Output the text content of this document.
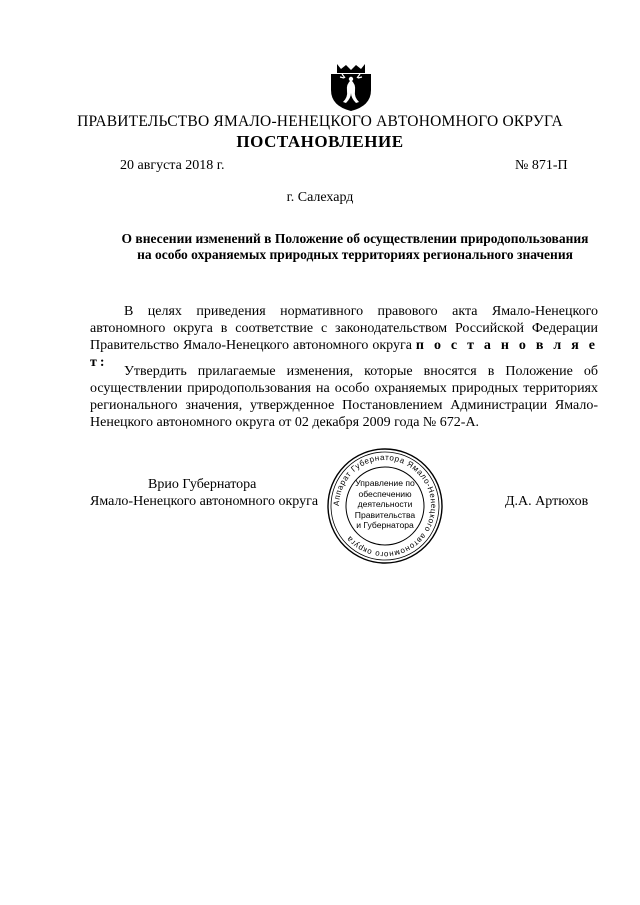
ПРАВИТЕЛЬСТВО ЯМАЛО-НЕНЕЦКОГО АВТОНОМНОГО ОКРУГА
ПОСТАНОВЛЕНИЕ
20 августа 2018 г.	№ 871-П
г. Салехард
О внесении изменений в Положение об осуществлении природопользования на особо охраняемых природных территориях регионального значения
В целях приведения нормативного правового акта Ямало-Ненецкого автономного округа в соответствие с законодательством Российской Федерации Правительство Ямало-Ненецкого автономного округа п о с т а н о в л я е т:
Утвердить прилагаемые изменения, которые вносятся в Положение об осуществлении природопользования на особо охраняемых природных территориях регионального значения, утвержденное Постановлением Администрации Ямало-Ненецкого автономного округа от 02 декабря 2009 года № 672-А.
Врио Губернатора
Ямало-Ненецкого автономного округа	Д.А. Артюхов
Аппарат Губернатора Ямало-Ненецкого автономного округа
Управление по
обеспечению
деятельности
Правительства
и Губернатора
